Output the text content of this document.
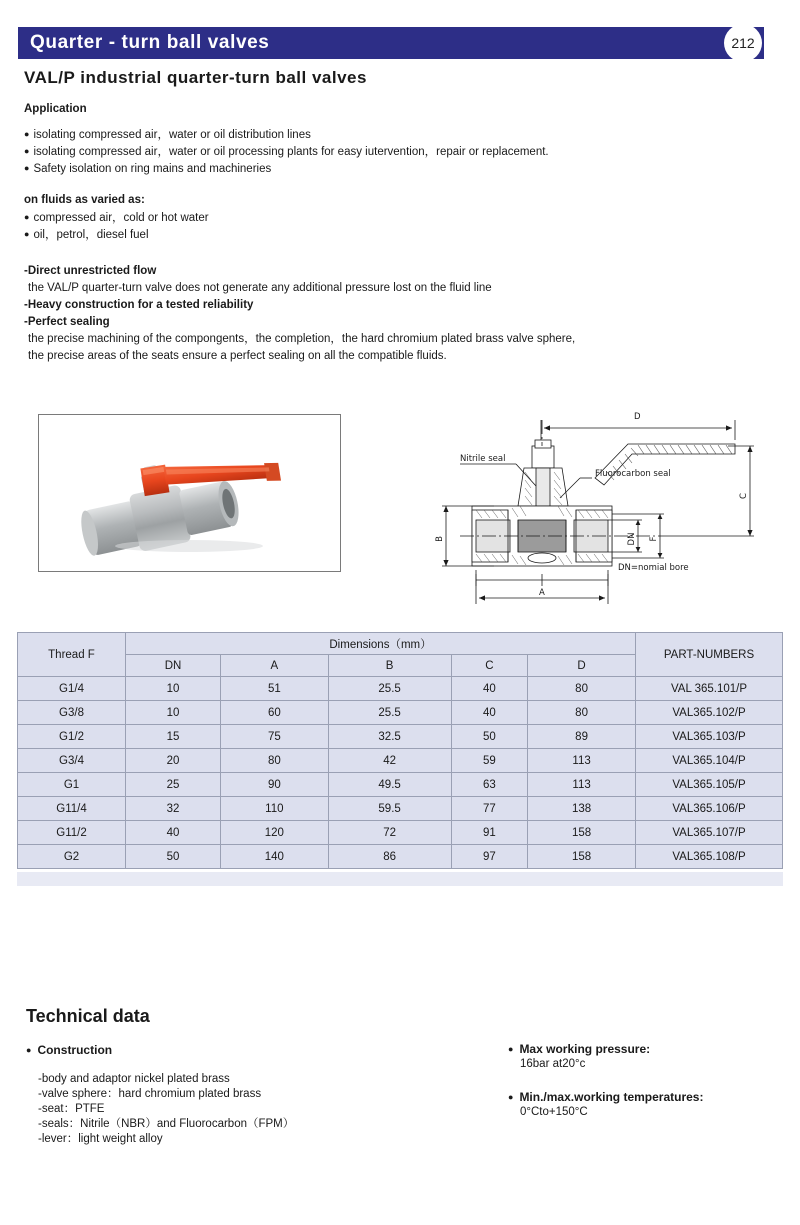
Quarter - turn ball valves	212
VAL/P industrial quarter-turn ball valves
Application
● isolating compressed air，water or oil distribution lines
● isolating compressed air，water or oil processing plants for easy iutervention，repair or replacement.
● Safety isolation on ring mains and machineries
on fluids as varied as:
● compressed air，cold or hot water
● oil，petrol，diesel fuel
-Direct unrestricted flow
the VAL/P quarter-turn valve does not generate any additional pressure lost on the fluid line
-Heavy construction for a tested reliability
-Perfect sealing
the precise machining of the compongents，the completion，the hard chromium plated brass valve sphere,
the precise areas of the seats ensure a perfect sealing on all the compatible fluids.
D
C
B
A
F
DN
Nitrile seal
Fluorocarbon seal
DN=nomial bore
Thread F	Dimensions（mm）					PART-NUMBERS
	DN	A	B	C	D	
G1/4	10	51	25.5	40	80	VAL 365.101/P
G3/8	10	60	25.5	40	80	VAL365.102/P
G1/2	15	75	32.5	50	89	VAL365.103/P
G3/4	20	80	42	59	113	VAL365.104/P
G1	25	90	49.5	63	113	VAL365.105/P
G11/4	32	110	59.5	77	138	VAL365.106/P
G11/2	40	120	72	91	158	VAL365.107/P
G2	50	140	86	97	158	VAL365.108/P
Technical data
● Construction
-body and adaptor nickel plated brass
-valve sphere：hard chromium plated brass
-seat：PTFE
-seals：Nitrile（NBR）and Fluorocarbon（FPM）
-lever：light weight alloy
● Max working pressure:
16bar at20°c
● Min./max.working temperatures:
0°Cto+150°C
